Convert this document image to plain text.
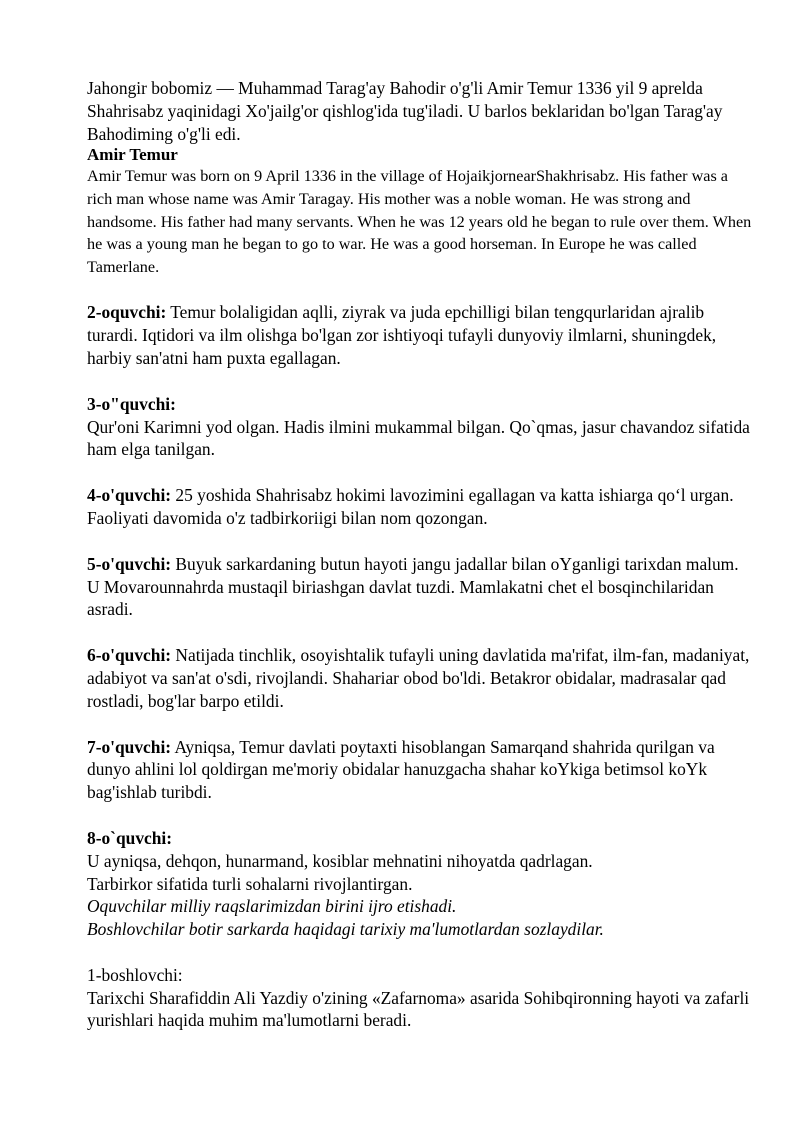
Jahongir bobomiz — Muhammad Tarag'ay Bahodir o'g'li Amir Temur 1336 yil 9 aprelda Shahrisabz yaqinidagi Xo'jailg'or qishlog'ida tug'iladi. U barlos beklaridan bo'lgan Tarag'ay Bahodiming o'g'li edi.

Amir Temur

Amir Temur was born on 9 April 1336 in the village of HojaikjornearShakhrisabz. His father was a rich man whose name was Amir Taragay. His mother was a noble woman. He was strong and handsome. His father had many servants. When he was 12 years old he began to rule over them. When he was a young man he began to go to war. He was a good horseman. In Europe he was called Tamerlane.

2-oquvchi: Temur bolaligidan aqlli, ziyrak va juda epchilligi bilan tengqurlaridan ajralib turardi. Iqtidori va ilm olishga bo'lgan zor ishtiyoqi tufayli dunyoviy ilmlarni, shuningdek, harbiy san'atni ham puxta egallagan.

3-o"quvchi:
Qur'oni Karimni yod olgan. Hadis ilmini mukammal bilgan. Qo`qmas, jasur chavandoz sifatida ham elga tanilgan.

4-o'quvchi: 25 yoshida Shahrisabz hokimi lavozimini egallagan va katta ishiarga qoʻl urgan. Faoliyati davomida o'z tadbirkoriigi bilan nom qozongan.

5-o'quvchi: Buyuk sarkardaning butun hayoti jangu jadallar bilan oYganligi tarixdan malum. U Movarounnahrda mustaqil biriashgan davlat tuzdi. Mamlakatni chet el bosqinchilaridan asradi.

6-o'quvchi: Natijada tinchlik, osoyishtalik tufayli uning davlatida ma'rifat, ilm-fan, madaniyat, adabiyot va san'at o'sdi, rivojlandi. Shahariar obod bo'ldi. Betakror obidalar, madrasalar qad rostladi, bog'lar barpo etildi.

7-o'quvchi: Ayniqsa, Temur davlati poytaxti hisoblangan Samarqand shahrida qurilgan va dunyo ahlini lol qoldirgan me'moriy obidalar hanuzgacha shahar koYkiga betimsol koYk bag'ishlab turibdi.

8-o`quvchi:
U ayniqsa, dehqon, hunarmand, kosiblar mehnatini nihoyatda qadrlagan.
Tarbirkor sifatida turli sohalarni rivojlantirgan.
Oquvchilar milliy raqslarimizdan birini ijro etishadi.
Boshlovchilar botir sarkarda haqidagi tarixiy ma'lumotlardan sozlaydilar.

1-boshlovchi:
Tarixchi Sharafiddin Ali Yazdiy o'zining «Zafarnoma» asarida Sohibqironning hayoti va zafarli yurishlari haqida muhim ma'lumotlarni beradi.
